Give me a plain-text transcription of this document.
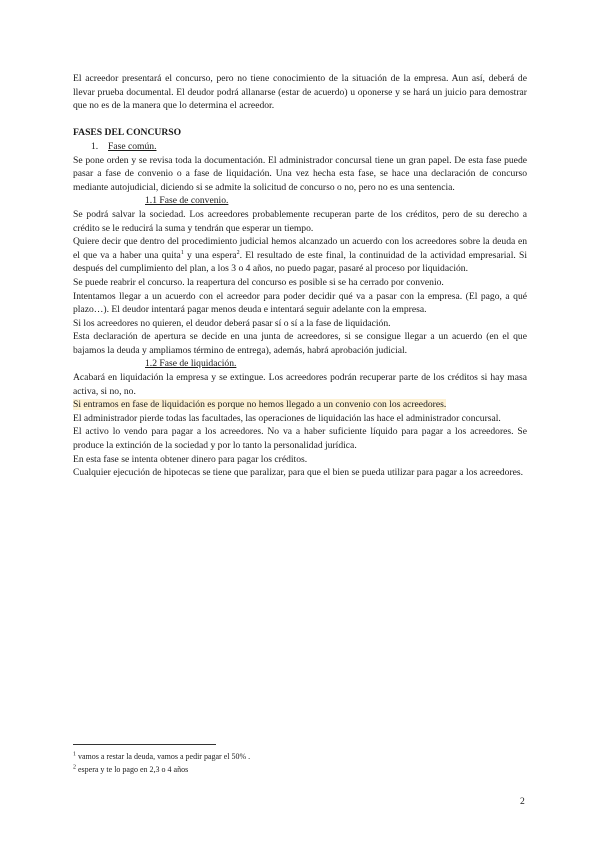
El acreedor presentará el concurso, pero no tiene conocimiento de la situación de la empresa. Aun así, deberá de llevar prueba documental. El deudor podrá allanarse (estar de acuerdo) u oponerse y se hará un juicio para demostrar que no es de la manera que lo determina el acreedor.

FASES DEL CONCURSO

1. Fase común.

Se pone orden y se revisa toda la documentación. El administrador concursal tiene un gran papel. De esta fase puede pasar a fase de convenio o a fase de liquidación. Una vez hecha esta fase, se hace una declaración de concurso mediante autojudicial, diciendo si se admite la solicitud de concurso o no, pero no es una sentencia.

1.1 Fase de convenio.

Se podrá salvar la sociedad. Los acreedores probablemente recuperan parte de los créditos, pero de su derecho a crédito se le reducirá la suma y tendrán que esperar un tiempo.

Quiere decir que dentro del procedimiento judicial hemos alcanzado un acuerdo con los acreedores sobre la deuda en el que va a haber una quita$^1$ y una espera$^2$. El resultado de este final, la continuidad de la actividad empresarial. Si después del cumplimiento del plan, a los 3 o 4 años, no puedo pagar, pasaré al proceso por liquidación.

Se puede reabrir el concurso. la reapertura del concurso es posible si se ha cerrado por convenio.

Intentamos llegar a un acuerdo con el acreedor para poder decidir qué va a pasar con la empresa. (El pago, a qué plazo…). El deudor intentará pagar menos deuda e intentará seguir adelante con la empresa.

Si los acreedores no quieren, el deudor deberá pasar sí o sí a la fase de liquidación.

Esta declaración de apertura se decide en una junta de acreedores, si se consigue llegar a un acuerdo (en el que bajamos la deuda y ampliamos término de entrega), además, habrá aprobación judicial.

1.2 Fase de liquidación.

Acabará en liquidación la empresa y se extingue. Los acreedores podrán recuperar parte de los créditos si hay masa activa, si no, no.

Si entramos en fase de liquidación es porque no hemos llegado a un convenio con los acreedores.

El administrador pierde todas las facultades, las operaciones de liquidación las hace el administrador concursal.

El activo lo vendo para pagar a los acreedores. No va a haber suficiente líquido para pagar a los acreedores. Se produce la extinción de la sociedad y por lo tanto la personalidad jurídica.

En esta fase se intenta obtener dinero para pagar los créditos.

Cualquier ejecución de hipotecas se tiene que paralizar, para que el bien se pueda utilizar para pagar a los acreedores.

$^1$ vamos a restar la deuda, vamos a pedir pagar el 50% .

$^2$ espera y te lo pago en 2,3 o 4 años

2
